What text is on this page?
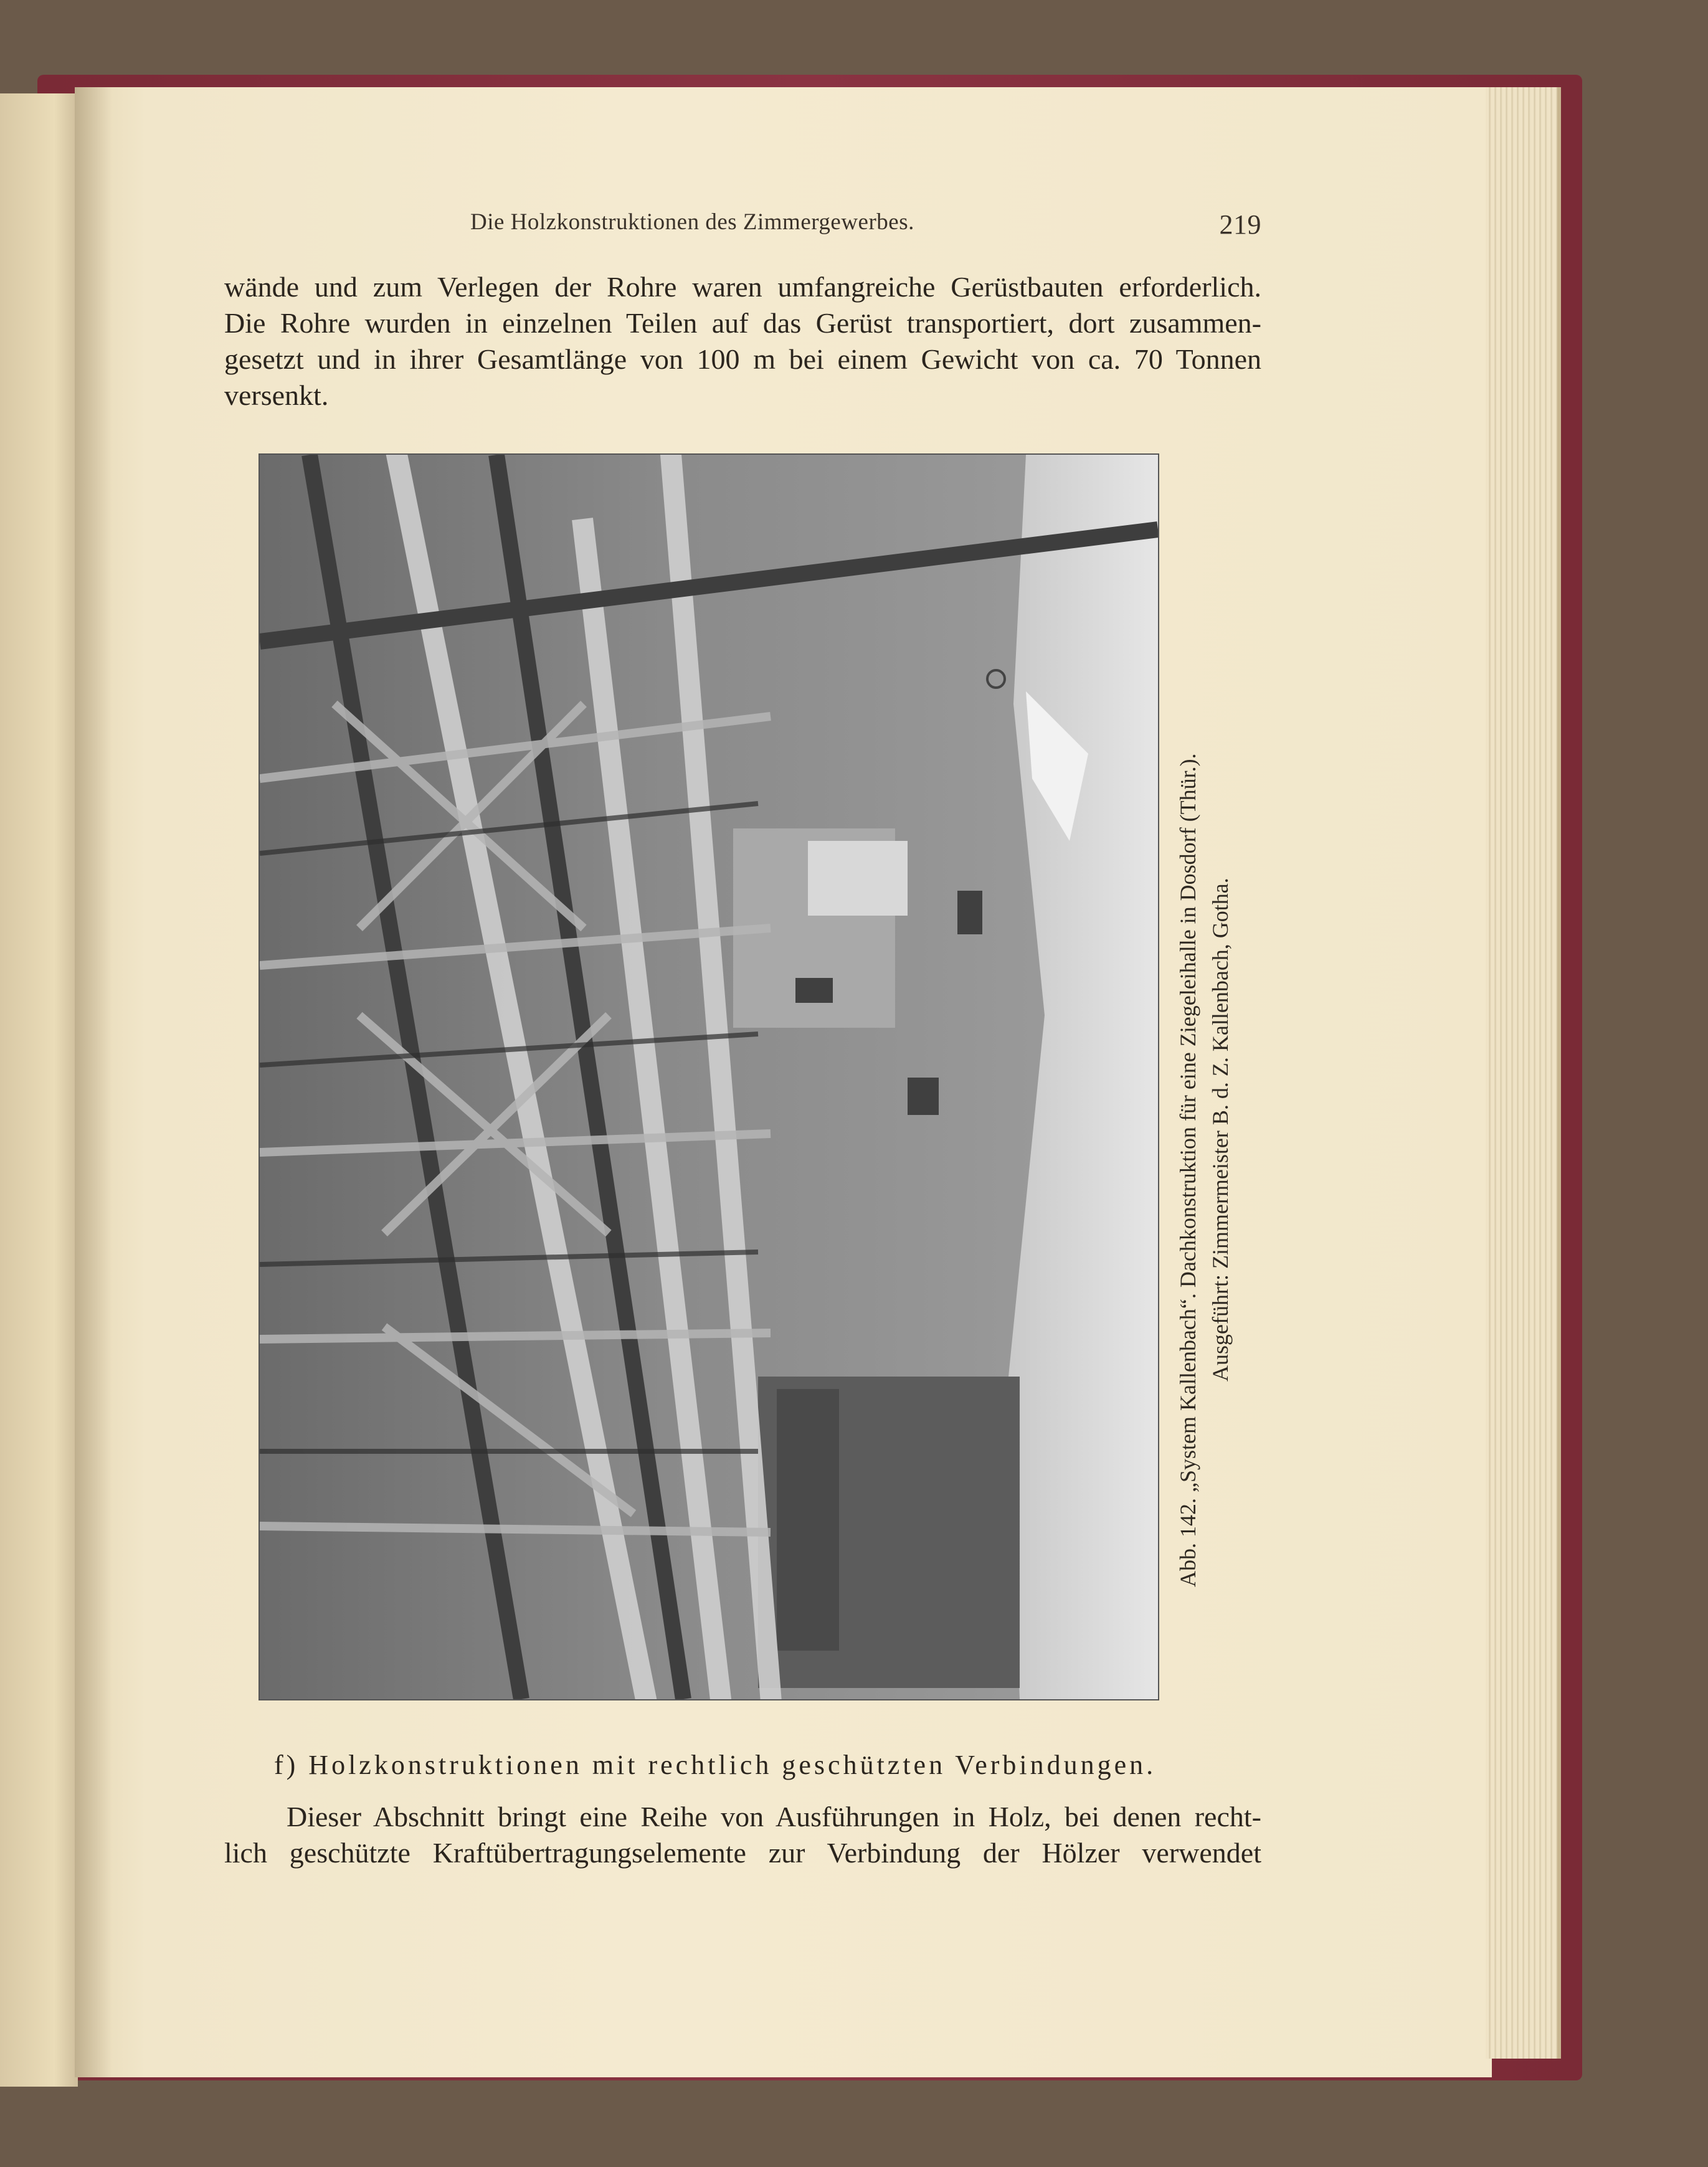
Die Holzkonstruktionen des Zimmergewerbes.	219
wände und zum Verlegen der Rohre waren umfangreiche Gerüstbauten erforderlich.
Die Rohre wurden in einzelnen Teilen auf das Gerüst transportiert, dort zusammen-
gesetzt und in ihrer Gesamtlänge von 100 m bei einem Gewicht von ca. 70 Tonnen
versenkt.
Abb. 142. „System Kallenbach“. Dachkonstruktion für eine Ziegeleihalle in Dosdorf (Thür.). Ausgeführt: Zimmermeister B. d. Z. Kallenbach, Gotha.
f) Holzkonstruktionen mit rechtlich geschützten Verbindungen.
Dieser Abschnitt bringt eine Reihe von Ausführungen in Holz, bei denen recht-
lich geschützte Kraftübertragungselemente zur Verbindung der Hölzer verwendet
